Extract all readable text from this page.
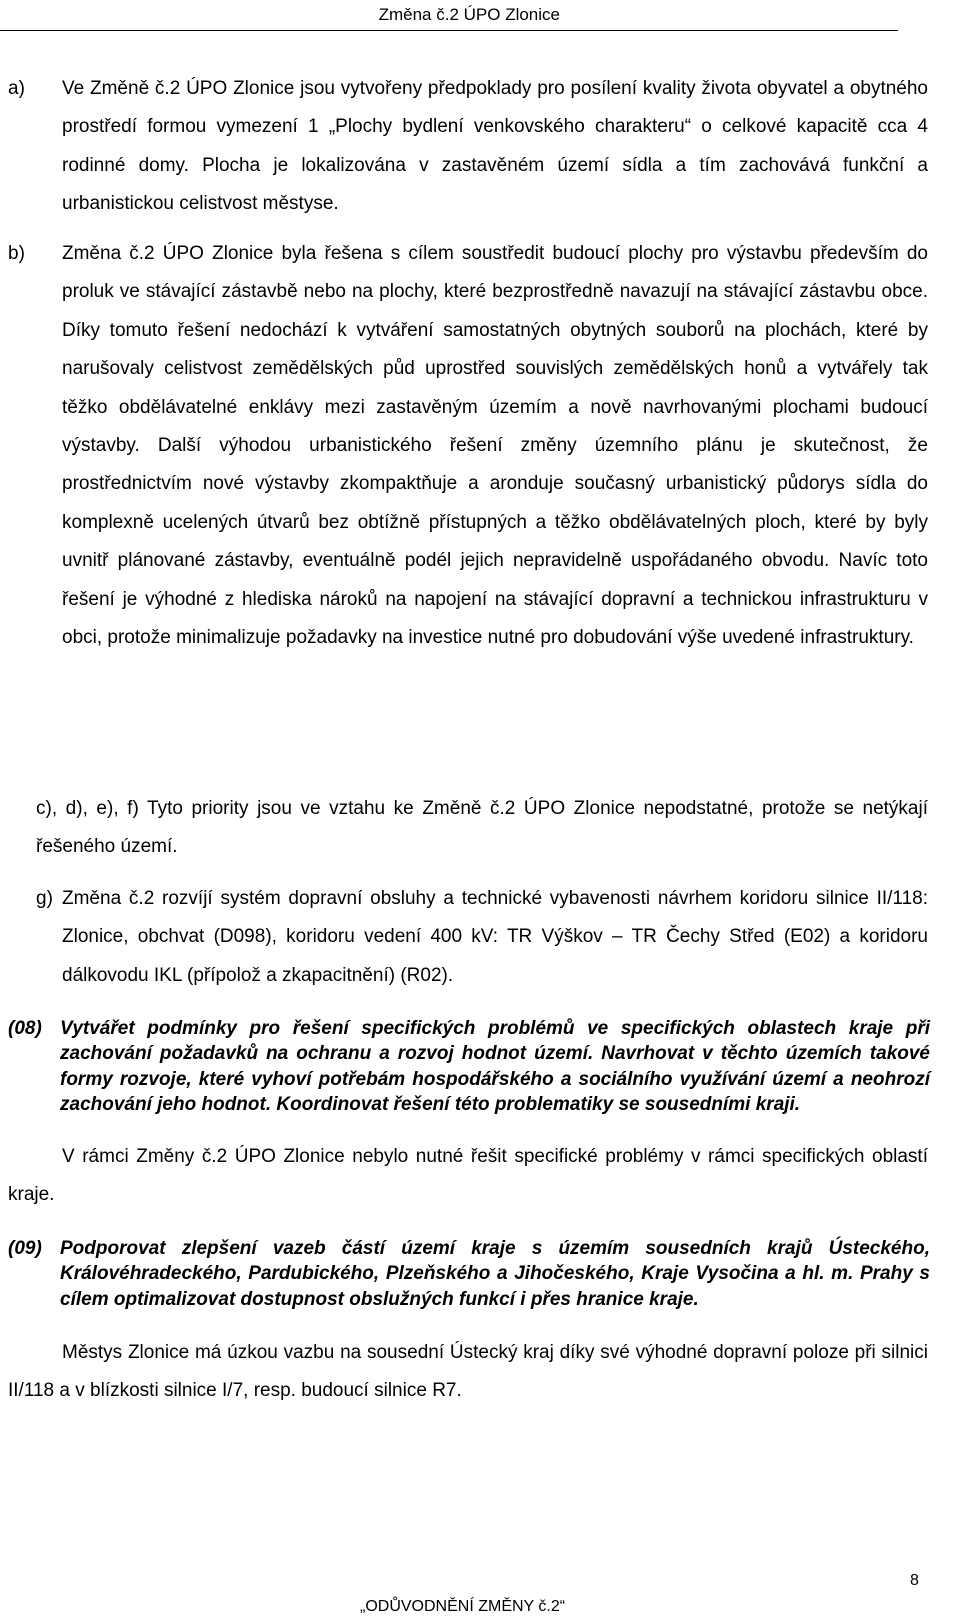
Změna č.2 ÚPO Zlonice
a) Ve Změně č.2 ÚPO Zlonice jsou vytvořeny předpoklady pro posílení kvality života obyvatel a obytného prostředí formou vymezení 1 „Plochy bydlení venkovského charakteru“ o celkové kapacitě cca 4 rodinné domy. Plocha je lokalizována v zastavěném území sídla a tím zachovává funkční a urbanistickou celistvost městyse.
b) Změna č.2 ÚPO Zlonice byla řešena s cílem soustředit budoucí plochy pro výstavbu především do proluk ve stávající zástavbě nebo na plochy, které bezprostředně navazují na stávající zástavbu obce. Díky tomuto řešení nedochází k vytváření samostatných obytných souborů na plochách, které by narušovaly celistvost zemědělských půd uprostřed souvislých zemědělských honů a vytvářely tak těžko obdělávatelné enklávy mezi zastavěným územím a nově navrhovanými plochami budoucí výstavby. Další výhodou urbanistického řešení změny územního plánu je skutečnost, že prostřednictvím nové výstavby zkompaktňuje a aronduje současný urbanistický půdorys sídla do komplexně ucelených útvarů bez obtížně přístupných a těžko obdělávatelných ploch, které by byly uvnitř plánované zástavby, eventuálně podél jejich nepravidelně uspořádaného obvodu. Navíc toto řešení je výhodné z hlediska nároků na napojení na stávající dopravní a technickou infrastrukturu v obci, protože minimalizuje požadavky na investice nutné pro dobudování výše uvedené infrastruktury.
c), d), e), f) Tyto priority jsou ve vztahu ke Změně č.2 ÚPO Zlonice nepodstatné, protože se netýkají řešeného území.
g) Změna č.2 rozvíjí systém dopravní obsluhy a technické vybavenosti návrhem koridoru silnice II/118: Zlonice, obchvat (D098), koridoru vedení 400 kV: TR Výškov – TR Čechy Střed (E02) a koridoru dálkovodu IKL (přípolož a zkapacitnění) (R02).
(08) Vytvářet podmínky pro řešení specifických problémů ve specifických oblastech kraje při zachování požadavků na ochranu a rozvoj hodnot území. Navrhovat v těchto územích takové formy rozvoje, které vyhoví potřebám hospodářského a sociálního využívání území a neohrozí zachování jeho hodnot. Koordinovat řešení této problematiky se sousedními kraji.
V rámci Změny č.2 ÚPO Zlonice nebylo nutné řešit specifické problémy v rámci specifických oblastí kraje.
(09) Podporovat zlepšení vazeb částí území kraje s územím sousedních krajů Ústeckého, Královéhradeckého, Pardubického, Plzeňského a Jihočeského, Kraje Vysočina a hl. m. Prahy s cílem optimalizovat dostupnost obslužných funkcí i přes hranice kraje.
Městys Zlonice má úzkou vazbu na sousední Ústecký kraj díky své výhodné dopravní poloze při silnici II/118 a v blízkosti silnice I/7, resp. budoucí silnice R7.
„ODŮVODNĚNÍ ZMĚNY č.2“
8
